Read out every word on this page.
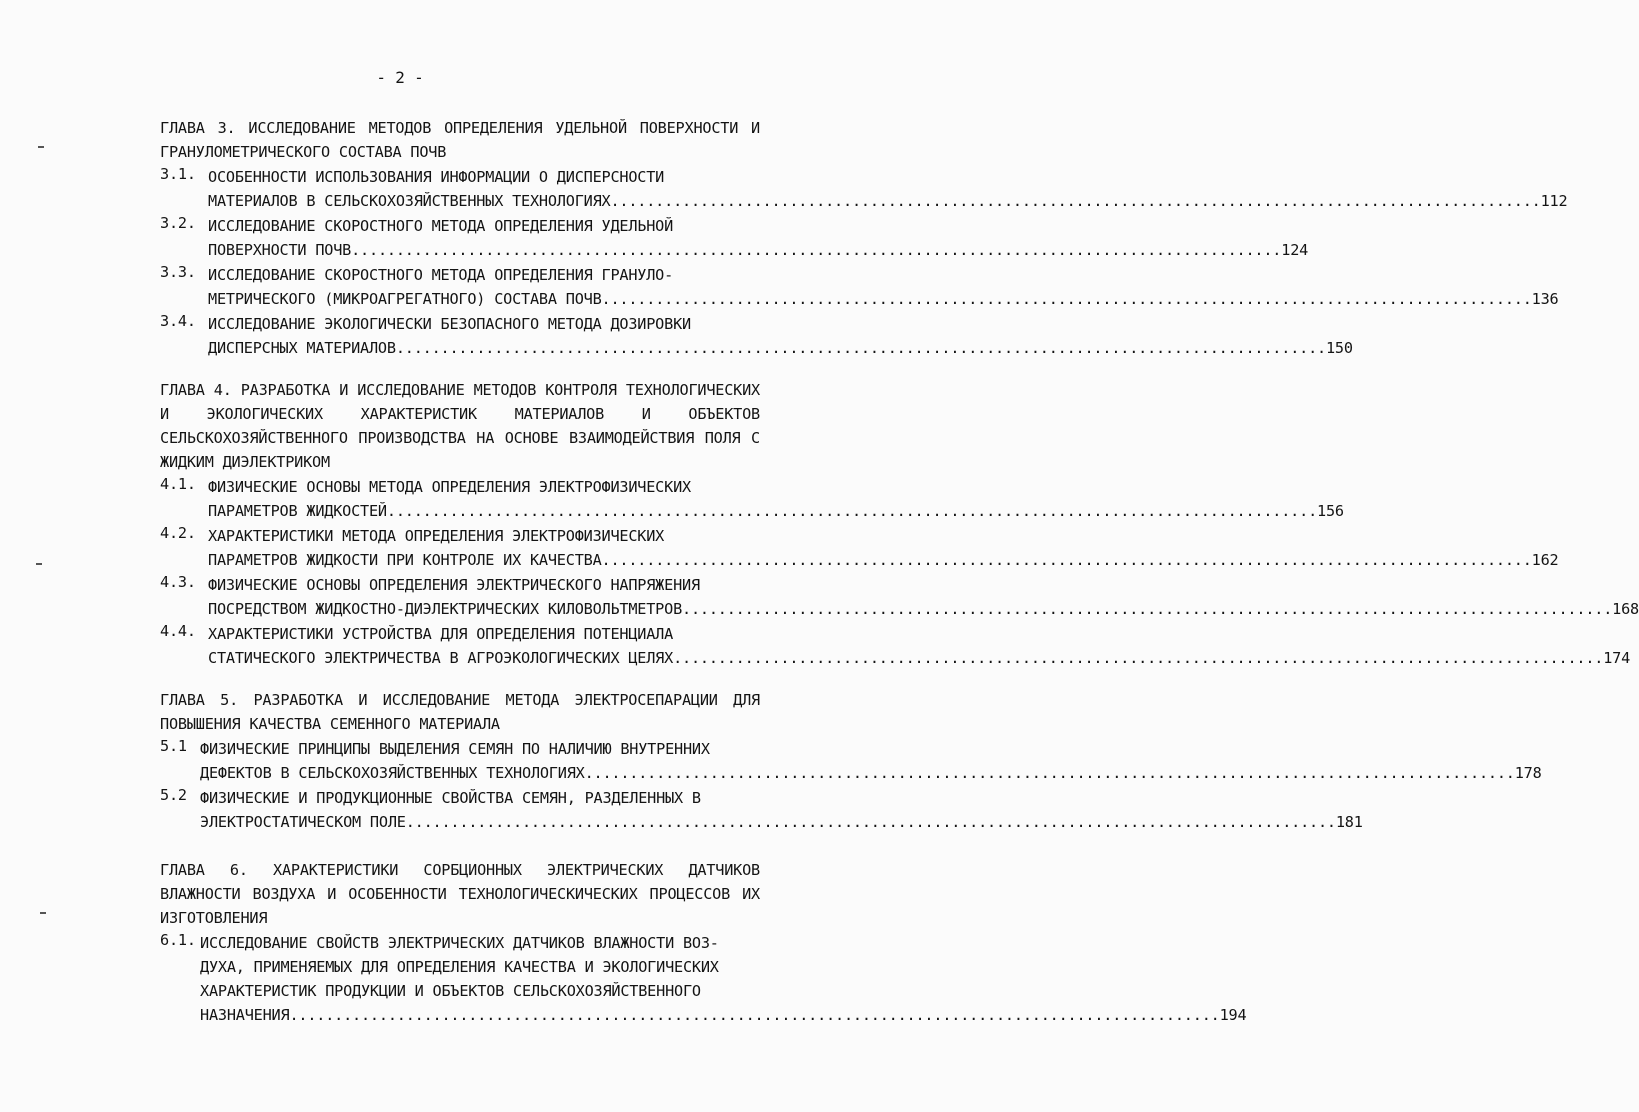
- 2 -
ГЛАВА 3. ИССЛЕДОВАНИЕ МЕТОДОВ ОПРЕДЕЛЕНИЯ УДЕЛЬНОЙ ПОВЕРХНОСТИ И ГРАНУЛОМЕТРИЧЕСКОГО СОСТАВА ПОЧВ
3.1. ОСОБЕННОСТИ ИСПОЛЬЗОВАНИЯ ИНФОРМАЦИИ О ДИСПЕРСНОСТИ
МАТЕРИАЛОВ В СЕЛЬСКОХОЗЯЙСТВЕННЫХ ТЕХНОЛОГИЯХ .....	112
3.2. ИССЛЕДОВАНИЕ СКОРОСТНОГО МЕТОДА ОПРЕДЕЛЕНИЯ УДЕЛЬНОЙ
ПОВЕРХНОСТИ ПОЧВ .....	124
3.3. ИССЛЕДОВАНИЕ СКОРОСТНОГО МЕТОДА ОПРЕДЕЛЕНИЯ ГРАНУЛО-
МЕТРИЧЕСКОГО (МИКРОАГРЕГАТНОГО) СОСТАВА ПОЧВ .....	136
3.4. ИССЛЕДОВАНИЕ ЭКОЛОГИЧЕСКИ БЕЗОПАСНОГО МЕТОДА ДОЗИРОВКИ
ДИСПЕРСНЫХ МАТЕРИАЛОВ .....	150
ГЛАВА 4. РАЗРАБОТКА И ИССЛЕДОВАНИЕ МЕТОДОВ КОНТРОЛЯ ТЕХНОЛОГИЧЕСКИХ И ЭКОЛОГИЧЕСКИХ ХАРАКТЕРИСТИК МАТЕРИАЛОВ И ОБЪЕКТОВ СЕЛЬСКОХОЗЯЙСТВЕННОГО ПРОИЗВОДСТВА НА ОСНОВЕ ВЗАИМОДЕЙСТВИЯ ПОЛЯ С ЖИДКИМ ДИЭЛЕКТРИКОМ
4.1. ФИЗИЧЕСКИЕ ОСНОВЫ МЕТОДА ОПРЕДЕЛЕНИЯ ЭЛЕКТРОФИЗИЧЕСКИХ
ПАРАМЕТРОВ ЖИДКОСТЕЙ .....	156
4.2. ХАРАКТЕРИСТИКИ МЕТОДА ОПРЕДЕЛЕНИЯ ЭЛЕКТРОФИЗИЧЕСКИХ
ПАРАМЕТРОВ ЖИДКОСТИ ПРИ КОНТРОЛЕ ИХ КАЧЕСТВА .....	162
4.3. ФИЗИЧЕСКИЕ ОСНОВЫ ОПРЕДЕЛЕНИЯ ЭЛЕКТРИЧЕСКОГО НАПРЯЖЕНИЯ
ПОСРЕДСТВОМ ЖИДКОСТНО-ДИЭЛЕКТРИЧЕСКИХ КИЛОВОЛЬТМЕТРОВ .....	168
4.4. ХАРАКТЕРИСТИКИ УСТРОЙСТВА ДЛЯ ОПРЕДЕЛЕНИЯ ПОТЕНЦИАЛА
СТАТИЧЕСКОГО ЭЛЕКТРИЧЕСТВА В АГРОЭКОЛОГИЧЕСКИХ ЦЕЛЯХ .....	174
ГЛАВА 5. РАЗРАБОТКА И ИССЛЕДОВАНИЕ МЕТОДА ЭЛЕКТРОСЕПАРАЦИИ ДЛЯ ПОВЫШЕНИЯ КАЧЕСТВА СЕМЕННОГО МАТЕРИАЛА
5.1 ФИЗИЧЕСКИЕ ПРИНЦИПЫ ВЫДЕЛЕНИЯ СЕМЯН ПО НАЛИЧИЮ ВНУТРЕННИХ
ДЕФЕКТОВ В СЕЛЬСКОХОЗЯЙСТВЕННЫХ ТЕХНОЛОГИЯХ .....	178
5.2 ФИЗИЧЕСКИЕ И ПРОДУКЦИОННЫЕ СВОЙСТВА СЕМЯН, РАЗДЕЛЕННЫХ В
ЭЛЕКТРОСТАТИЧЕСКОМ ПОЛЕ .....	181
ГЛАВА 6. ХАРАКТЕРИСТИКИ СОРБЦИОННЫХ ЭЛЕКТРИЧЕСКИХ ДАТЧИКОВ ВЛАЖНОСТИ ВОЗДУХА И ОСОБЕННОСТИ ТЕХНОЛОГИЧЕСКИЧЕСКИХ ПРОЦЕССОВ ИХ ИЗГОТОВЛЕНИЯ
6.1. ИССЛЕДОВАНИЕ СВОЙСТВ ЭЛЕКТРИЧЕСКИХ ДАТЧИКОВ ВЛАЖНОСТИ ВОЗ-
ДУХА, ПРИМЕНЯЕМЫХ ДЛЯ ОПРЕДЕЛЕНИЯ КАЧЕСТВА И ЭКОЛОГИЧЕСКИХ
ХАРАКТЕРИСТИК ПРОДУКЦИИ И ОБЪЕКТОВ СЕЛЬСКОХОЗЯЙСТВЕННОГО
НАЗНАЧЕНИЯ .....	194
